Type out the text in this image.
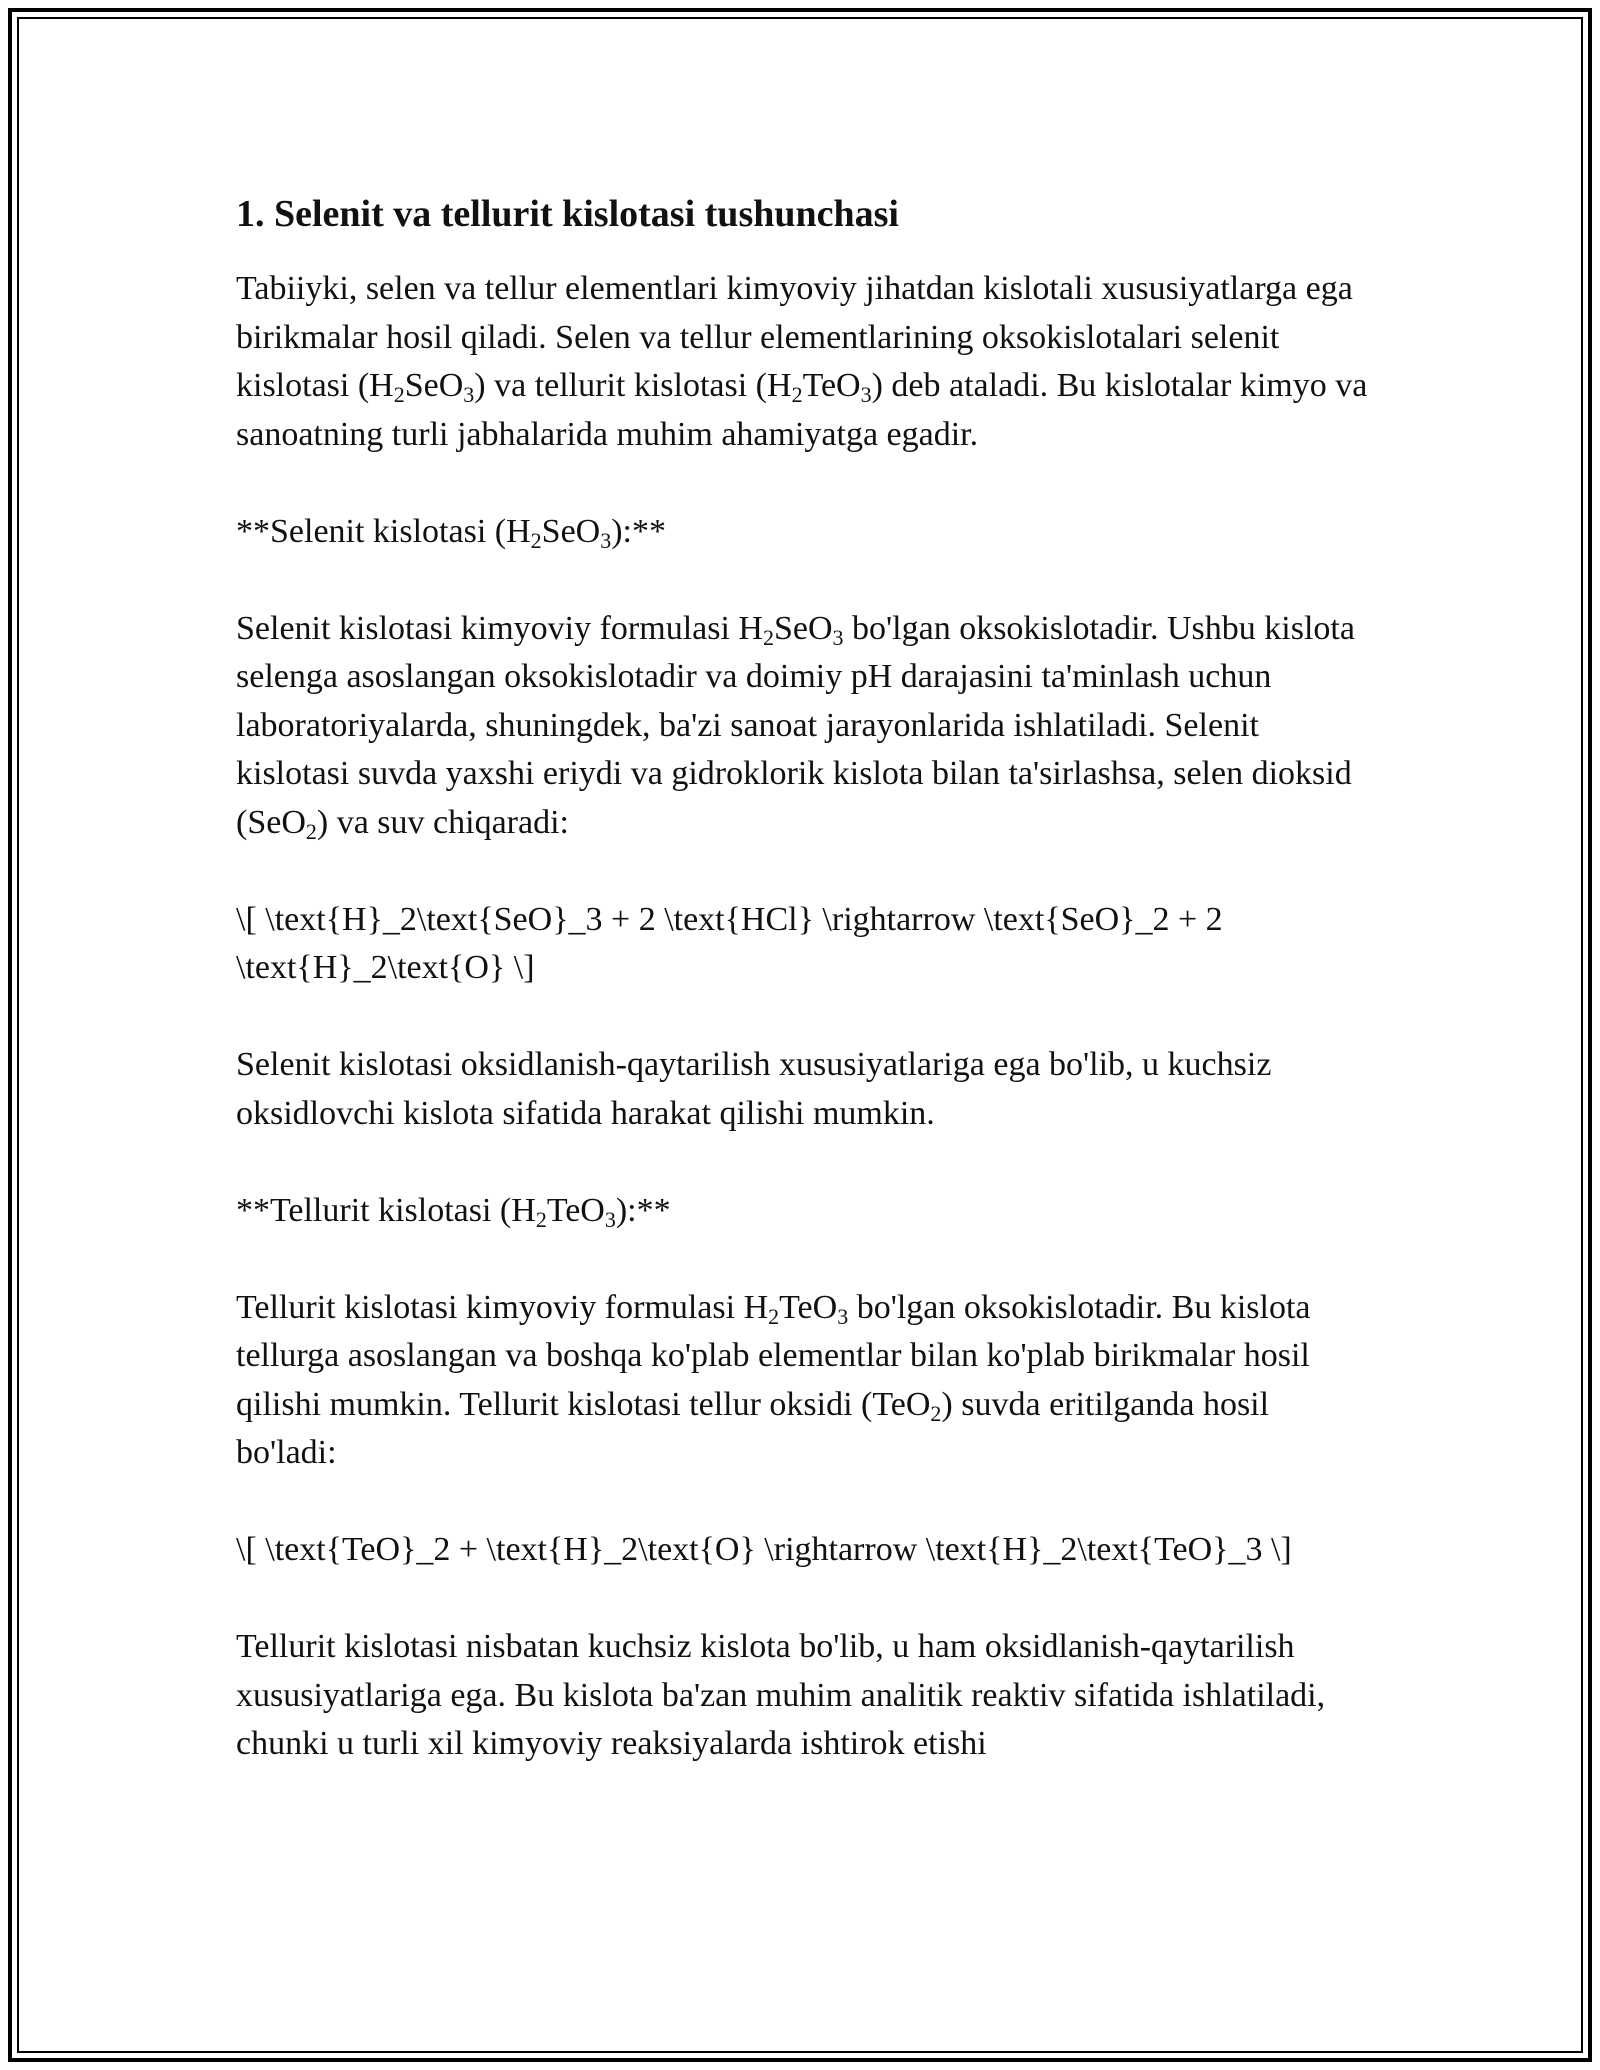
1. Selenit va tellurit kislotasi tushunchasi

Tabiiyki, selen va tellur elementlari kimyoviy jihatdan kislotali xususiyatlarga ega birikmalar hosil qiladi. Selen va tellur elementlarining oksokislotalari selenit kislotasi $(H_2SeO_3)$ va tellurit kislotasi $(H_2TeO_3)$ deb ataladi. Bu kislotalar kimyo va sanoatning turli jabhalarida muhim ahamiyatga egadir.

**Selenit kislotasi $(H_2SeO_3):**$

Selenit kislotasi kimyoviy formulasi $H_2SeO_3$ bo'lgan oksokislotadir. Ushbu kislota selenga asoslangan oksokislotadir va doimiy pH darajasini ta'minlash uchun laboratoriyalarda, shuningdek, ba'zi sanoat jarayonlarida ishlatiladi. Selenit kislotasi suvda yaxshi eriydi va gidroklorik kislota bilan ta'sirlashsa, selen dioksid (SeO$_2$) va suv chiqaradi:

\[ \text{H}_2\text{SeO}_3 + 2 \text{HCl} \rightarrow \text{SeO}_2 + 2 \text{H}_2\text{O} \]

Selenit kislotasi oksidlanish-qaytarilish xususiyatlariga ega bo'lib, u kuchsiz oksidlovchi kislota sifatida harakat qilishi mumkin.

**Tellurit kislotasi $(H_2TeO_3):**$

Tellurit kislotasi kimyoviy formulasi $H_2TeO_3$ bo'lgan oksokislotadir. Bu kislota tellurga asoslangan va boshqa ko'plab elementlar bilan ko'plab birikmalar hosil qilishi mumkin. Tellurit kislotasi tellur oksidi (TeO$_2$) suvda eritilganda hosil bo'ladi:

\[ \text{TeO}_2 + \text{H}_2\text{O} \rightarrow \text{H}_2\text{TeO}_3 \]

Tellurit kislotasi nisbatan kuchsiz kislota bo'lib, u ham oksidlanish-qaytarilish xususiyatlariga ega. Bu kislota ba'zan muhim analitik reaktiv sifatida ishlatiladi, chunki u turli xil kimyoviy reaksiyalarda ishtirok etishi
